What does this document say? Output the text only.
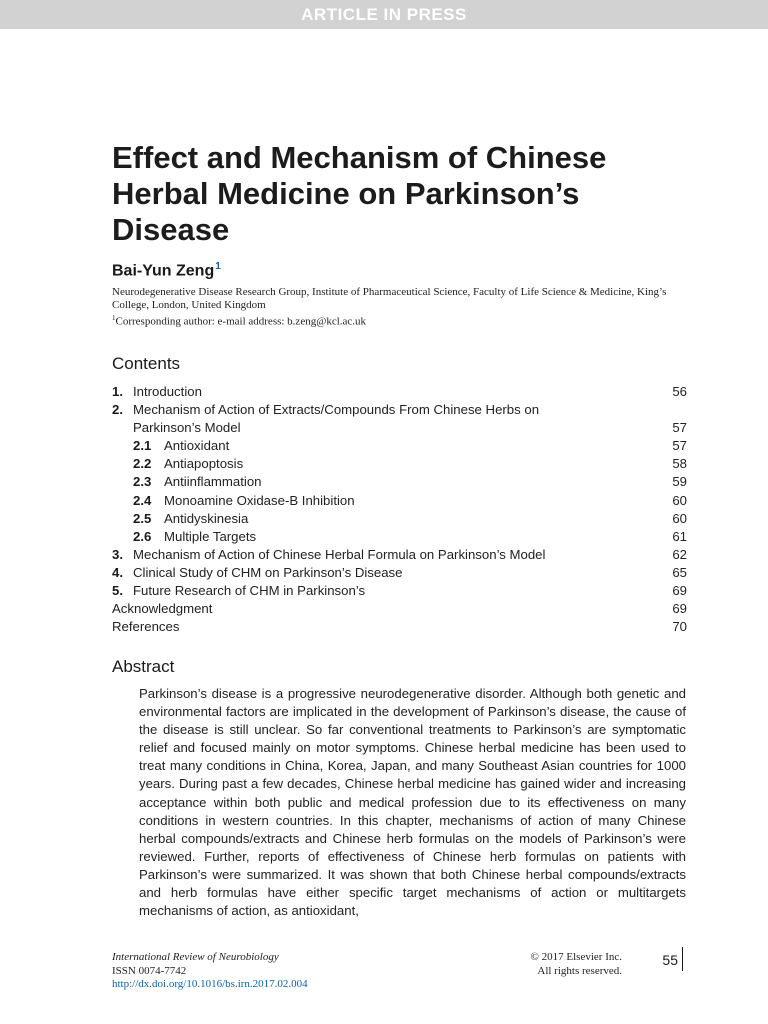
ARTICLE IN PRESS
Effect and Mechanism of Chinese
Herbal Medicine on Parkinson’s
Disease

Bai-Yun Zeng$^1$

Neurodegenerative Disease Research Group, Institute of Pharmaceutical Science, Faculty of Life Science & Medicine, King’s College, London, United Kingdom

$^1$Corresponding author: e-mail address: b.zeng@kcl.ac.uk

Contents
1. Introduction	56
2. Mechanism of Action of Extracts/Compounds From Chinese Herbs on
Parkinson’s Model	57
2.1 Antioxidant	57
2.2 Antiapoptosis	58
2.3 Antiinflammation	59
2.4 Monoamine Oxidase-B Inhibition	60
2.5 Antidyskinesia	60
2.6 Multiple Targets	61
3. Mechanism of Action of Chinese Herbal Formula on Parkinson’s Model	62
4. Clinical Study of CHM on Parkinson’s Disease	65
5. Future Research of CHM in Parkinson’s	69
Acknowledgment	69
References	70
Abstract

Parkinson’s disease is a progressive neurodegenerative disorder. Although both genetic and environmental factors are implicated in the development of Parkinson’s disease, the cause of the disease is still unclear. So far conventional treatments to Parkinson’s are symptomatic relief and focused mainly on motor symptoms. Chinese herbal medicine has been used to treat many conditions in China, Korea, Japan, and many Southeast Asian countries for 1000 years. During past a few decades, Chinese herbal medicine has gained wider and increasing acceptance within both public and medical profession due to its effectiveness on many conditions in western countries. In this chapter, mechanisms of action of many Chinese herbal compounds/extracts and Chinese herb formulas on the models of Parkinson’s were reviewed. Further, reports of effectiveness of Chinese herb formulas on patients with Parkinson’s were summarized. It was shown that both Chinese herbal compounds/extracts and herb formulas have either specific target mechanisms of action or multitargets mechanisms of action, as antioxidant,

International Review of Neurobiology
ISSN 0074-7742
http://dx.doi.org/10.1016/bs.irn.2017.02.004
© 2017 Elsevier Inc.
All rights reserved.
55
